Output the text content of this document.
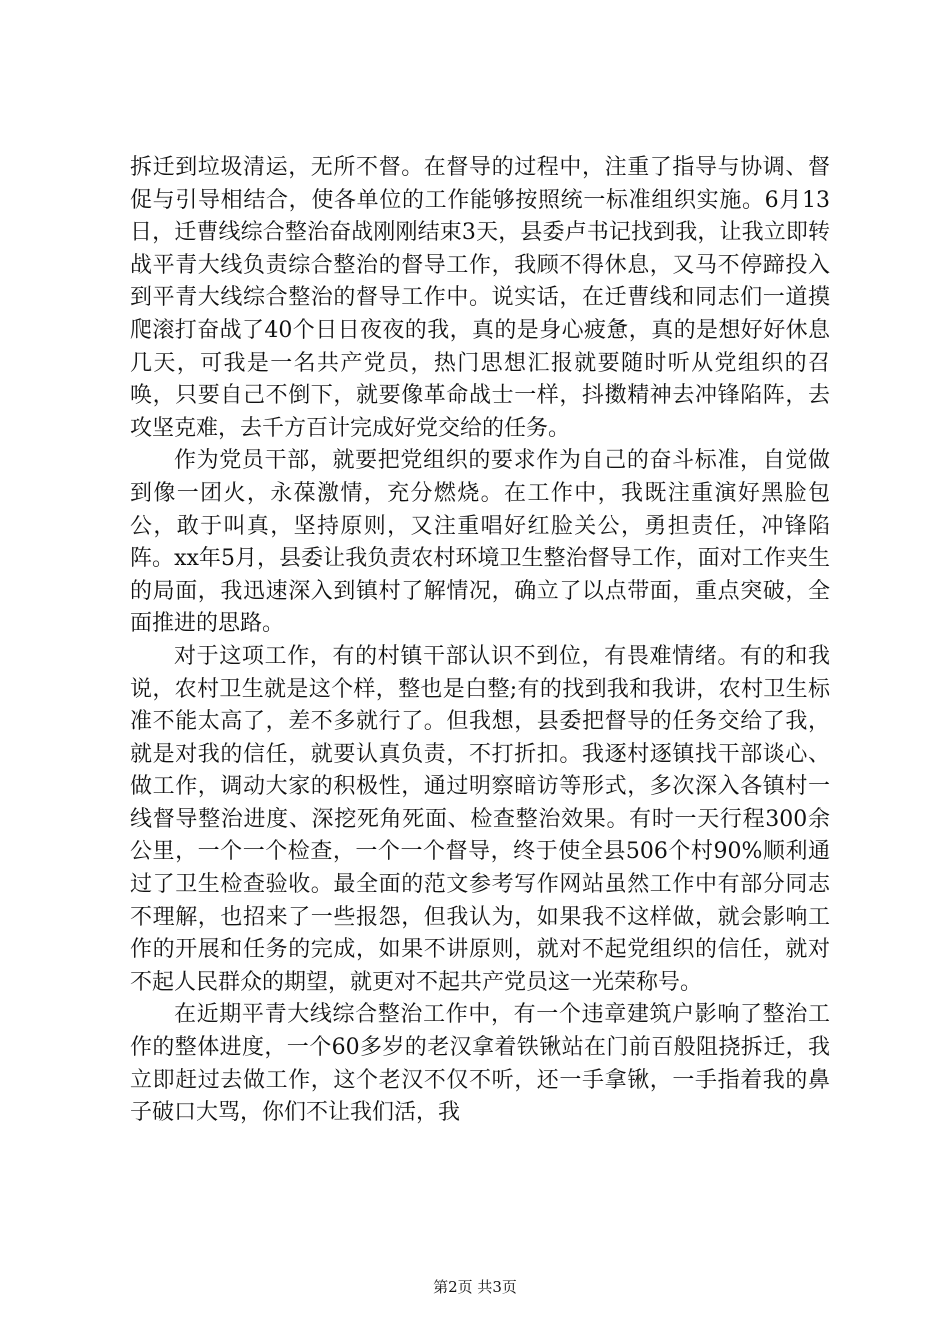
拆迁到垃圾清运，无所不督。在督导的过程中，注重了指导与协调、督促与引导相结合，使各单位的工作能够按照统一标准组织实施。6月13日，迁曹线综合整治奋战刚刚结束3天，县委卢书记找到我，让我立即转战平青大线负责综合整治的督导工作，我顾不得休息，又马不停蹄投入到平青大线综合整治的督导工作中。说实话，在迁曹线和同志们一道摸爬滚打奋战了40个日日夜夜的我，真的是身心疲惫，真的是想好好休息几天，可我是一名共产党员，热门思想汇报就要随时听从党组织的召唤，只要自己不倒下，就要像革命战士一样，抖擞精神去冲锋陷阵，去攻坚克难，去千方百计完成好党交给的任务。

作为党员干部，就要把党组织的要求作为自己的奋斗标准，自觉做到像一团火，永葆激情，充分燃烧。在工作中，我既注重演好黑脸包公，敢于叫真，坚持原则，又注重唱好红脸关公，勇担责任，冲锋陷阵。xx年5月，县委让我负责农村环境卫生整治督导工作，面对工作夹生的局面，我迅速深入到镇村了解情况，确立了以点带面，重点突破，全面推进的思路。

对于这项工作，有的村镇干部认识不到位，有畏难情绪。有的和我说，农村卫生就是这个样，整也是白整;有的找到我和我讲，农村卫生标准不能太高了，差不多就行了。但我想，县委把督导的任务交给了我，就是对我的信任，就要认真负责，不打折扣。我逐村逐镇找干部谈心、做工作，调动大家的积极性，通过明察暗访等形式，多次深入各镇村一线督导整治进度、深挖死角死面、检查整治效果。有时一天行程300余公里，一个一个检查，一个一个督导，终于使全县506个村90%顺利通过了卫生检查验收。最全面的范文参考写作网站虽然工作中有部分同志不理解，也招来了一些报怨，但我认为，如果我不这样做，就会影响工作的开展和任务的完成，如果不讲原则，就对不起党组织的信任，就对不起人民群众的期望，就更对不起共产党员这一光荣称号。

在近期平青大线综合整治工作中，有一个违章建筑户影响了整治工作的整体进度，一个60多岁的老汉拿着铁锹站在门前百般阻挠拆迁，我立即赶过去做工作，这个老汉不仅不听，还一手拿锹，一手指着我的鼻子破口大骂，你们不让我们活，我

第2页 共3页
